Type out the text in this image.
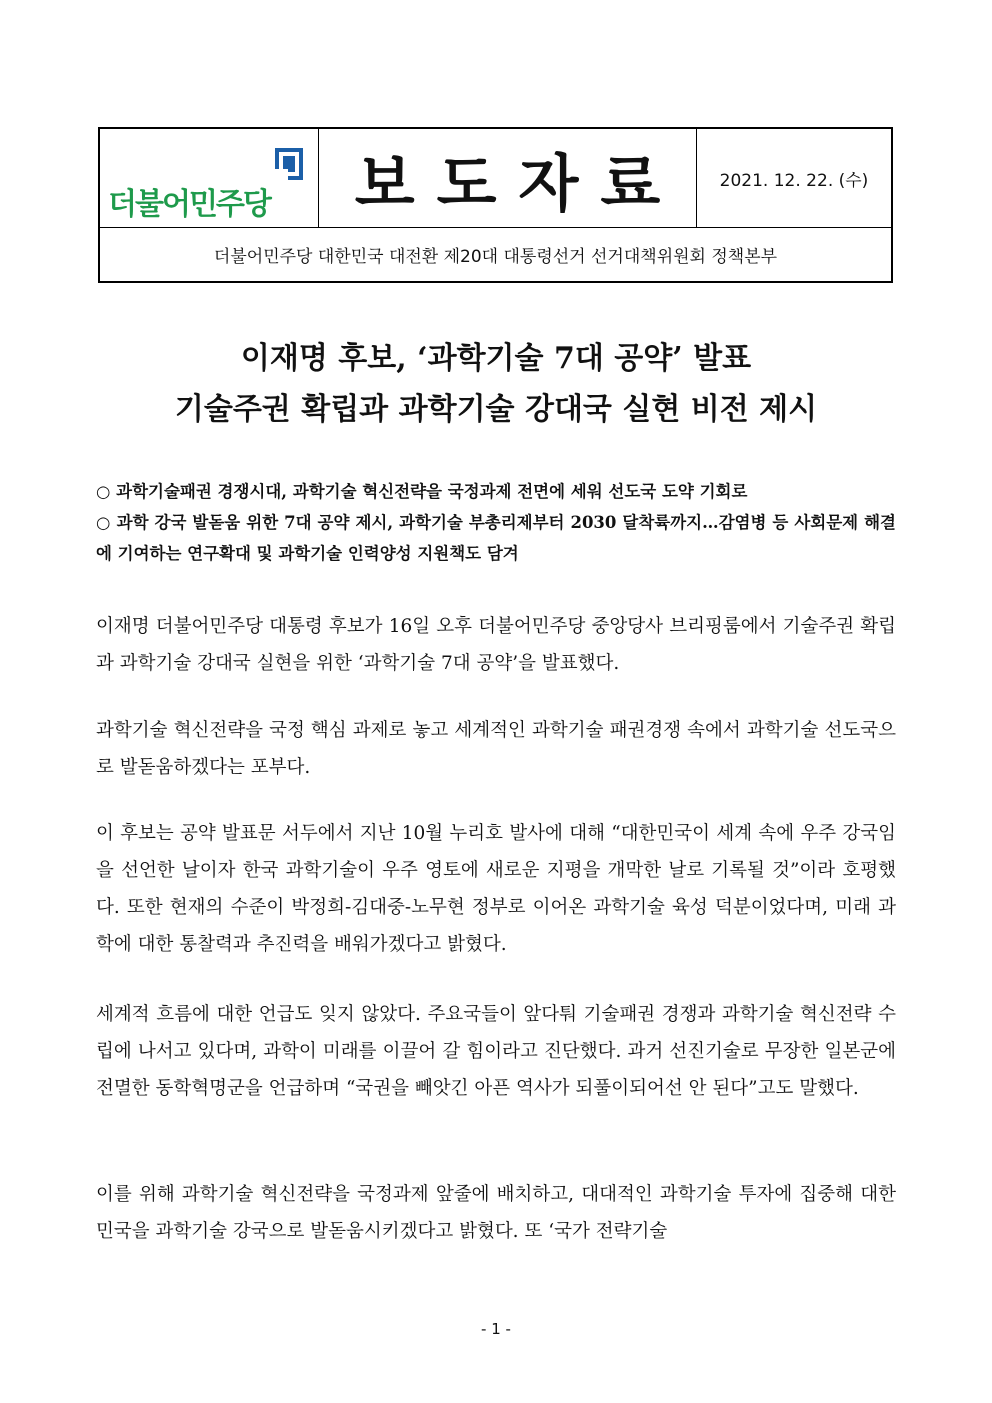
더불어민주당	보도자료	2021. 12. 22. (수)
더불어민주당 대한민국 대전환 제20대 대통령선거 선거대책위원회 정책본부
이재명 후보, ‘과학기술 7대 공약’ 발표
기술주권 확립과 과학기술 강대국 실현 비전 제시

○ 과학기술패권 경쟁시대, 과학기술 혁신전략을 국정과제 전면에 세워 선도국 도약 기회로

○ 과학 강국 발돋움 위한 7대 공약 제시, 과학기술 부총리제부터 2030 달착륙까지…감염병 등 사회문제 해결에 기여하는 연구확대 및 과학기술 인력양성 지원책도 담겨

이재명 더불어민주당 대통령 후보가 16일 오후 더불어민주당 중앙당사 브리핑룸에서 기술주권 확립과 과학기술 강대국 실현을 위한 ‘과학기술 7대 공약’을 발표했다.

과학기술 혁신전략을 국정 핵심 과제로 놓고 세계적인 과학기술 패권경쟁 속에서 과학기술 선도국으로 발돋움하겠다는 포부다.

이 후보는 공약 발표문 서두에서 지난 10월 누리호 발사에 대해 “대한민국이 세계 속에 우주 강국임을 선언한 날이자 한국 과학기술이 우주 영토에 새로운 지평을 개막한 날로 기록될 것”이라 호평했다. 또한 현재의 수준이 박정희-김대중-노무현 정부로 이어온 과학기술 육성 덕분이었다며, 미래 과학에 대한 통찰력과 추진력을 배워가겠다고 밝혔다.

세계적 흐름에 대한 언급도 잊지 않았다. 주요국들이 앞다퉈 기술패권 경쟁과 과학기술 혁신전략 수립에 나서고 있다며, 과학이 미래를 이끌어 갈 힘이라고 진단했다. 과거 선진기술로 무장한 일본군에 전멸한 동학혁명군을 언급하며 “국권을 빼앗긴 아픈 역사가 되풀이되어선 안 된다”고도 말했다.

이를 위해 과학기술 혁신전략을 국정과제 앞줄에 배치하고, 대대적인 과학기술 투자에 집중해 대한민국을 과학기술 강국으로 발돋움시키겠다고 밝혔다. 또 ‘국가 전략기술

- 1 -
